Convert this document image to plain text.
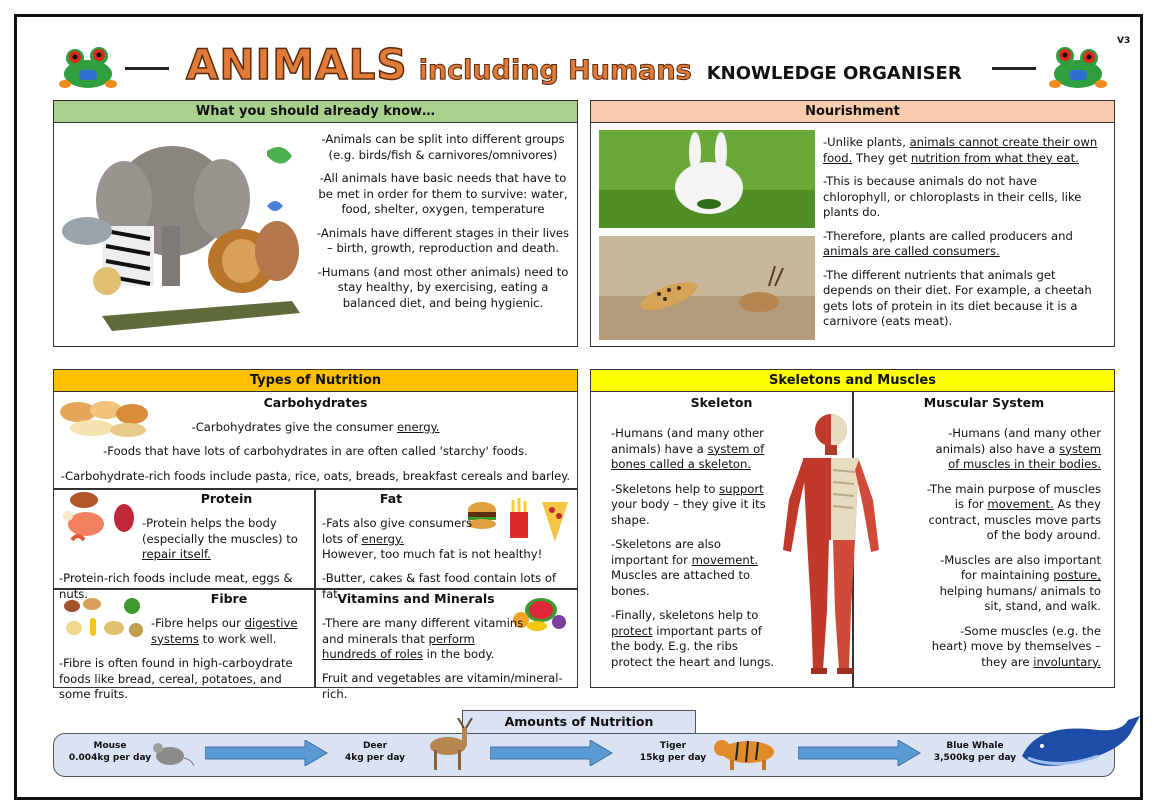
ANIMALS including Humans KNOWLEDGE ORGANISER
V3
What you should already know…

-Animals can be split into different groups (e.g. birds/fish & carnivores/omnivores)

-All animals have basic needs that have to be met in order for them to survive: water, food, shelter, oxygen, temperature

-Animals have different stages in their lives – birth, growth, reproduction and death.

-Humans (and most other animals) need to stay healthy, by exercising, eating a balanced diet, and being hygienic.

Nourishment

-Unlike plants, animals cannot create their own food. They get nutrition from what they eat.

-This is because animals do not have chlorophyll, or chloroplasts in their cells, like plants do.

-Therefore, plants are called producers and animals are called consumers.

-The different nutrients that animals get depends on their diet. For example, a cheetah gets lots of protein in its diet because it is a carnivore (eats meat).

Types of Nutrition
Carbohydrates

-Carbohydrates give the consumer energy.

-Foods that have lots of carbohydrates in are often called 'starchy' foods.

-Carbohydrate-rich foods include pasta, rice, oats, breads, breakfast cereals and barley.

Protein

-Protein helps the body (especially the muscles) to repair itself.

-Protein-rich foods include meat, eggs & nuts.

Fat

-Fats also give consumers lots of energy.

However, too much fat is not healthy!

-Butter, cakes & fast food contain lots of fat.

Fibre

-Fibre helps our digestive systems to work well.

-Fibre is often found in high-carboydrate foods like bread, cereal, potatoes, and some fruits.

Vitamins and Minerals

-There are many different vitamins and minerals that perform hundreds of roles in the body.

Fruit and vegetables are vitamin/mineral-rich.

Skeletons and Muscles
Skeleton	Muscular System

-Humans (and many other animals) have a system of bones called a skeleton.

-Skeletons help to support your body – they give it its shape.

-Skeletons are also important for movement. Muscles are attached to bones.

-Finally, skeletons help to protect important parts of the body. E.g. the ribs protect the heart and lungs.

-Humans (and many other animals) also have a system of muscles in their bodies.

-The main purpose of muscles is for movement. As they contract, muscles move parts of the body around.

-Muscles are also important for maintaining posture, helping humans/ animals to sit, stand, and walk.

-Some muscles (e.g. the heart) move by themselves – they are involuntary.

Amounts of Nutrition
Mouse
0.004kg per day
Deer
4kg per day
Tiger
15kg per day
Blue Whale
3,500kg per day
